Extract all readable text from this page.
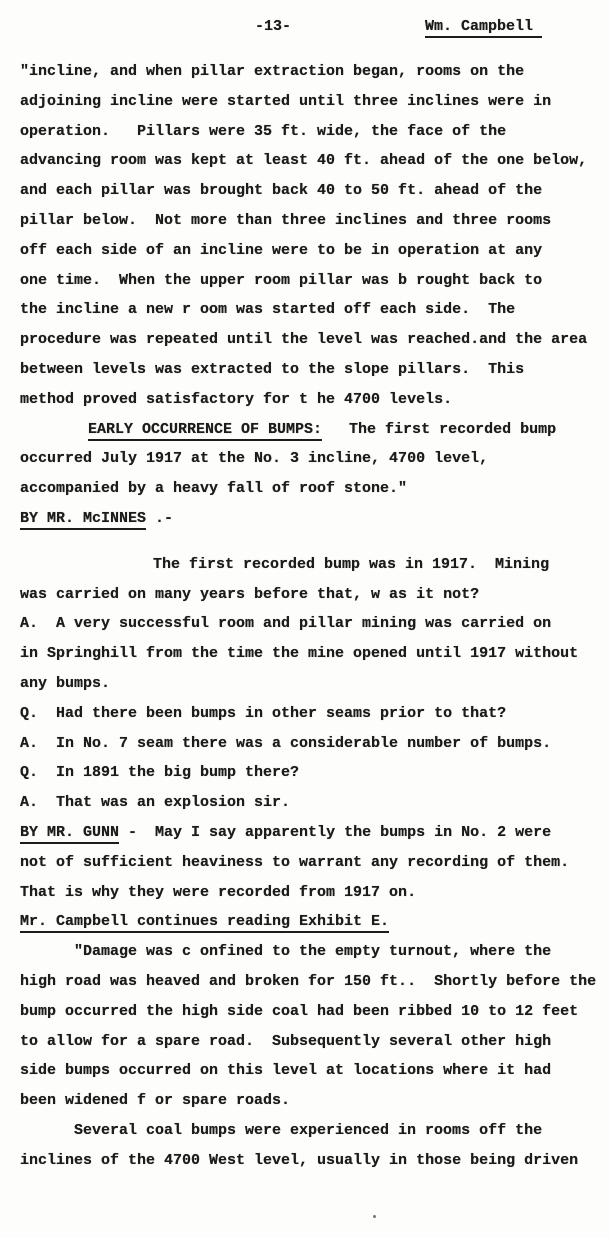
-13-

	Wm. Campbell

"incline, and when pillar extraction began, rooms on the
adjoining incline were started until three inclines were in
operation.   Pillars were 35 ft. wide, the face of the
advancing room was kept at least 40 ft. ahead of the one below,
and each pillar was brought back 40 to 50 ft. ahead of the
pillar below.  Not more than three inclines and three rooms
off each side of an incline were to be in operation at any
one time.  When the upper room pillar was b rought back to
the incline a new r oom was started off each side.  The
procedure was repeated until the level was reached.and the area
between levels was extracted to the slope pillars.  This
method proved satisfactory for t he 4700 levels.
EARLY OCCURRENCE OF BUMPS:   The first recorded bump
occurred July 1917 at the No. 3 incline, 4700 level,
accompanied by a heavy fall of roof stone."
BY MR. McINNES .-
The first recorded bump was in 1917.  Mining
was carried on many years before that, w as it not?
A.  A very successful room and pillar mining was carried on
in Springhill from the time the mine opened until 1917 without
any bumps.
Q.  Had there been bumps in other seams prior to that?
A.  In No. 7 seam there was a considerable number of bumps.
Q.  In 1891 the big bump there?
A.  That was an explosion sir.
BY MR. GUNN -  May I say apparently the bumps in No. 2 were
not of sufficient heaviness to warrant any recording of them.
That is why they were recorded from 1917 on.
Mr. Campbell continues reading Exhibit E.
"Damage was c onfined to the empty turnout, where the
high road was heaved and broken for 150 ft..  Shortly before the
bump occurred the high side coal had been ribbed 10 to 12 feet
to allow for a spare road.  Subsequently several other high
side bumps occurred on this level at locations where it had
been widened f or spare roads.
Several coal bumps were experienced in rooms off the
inclines of the 4700 West level, usually in those being driven
